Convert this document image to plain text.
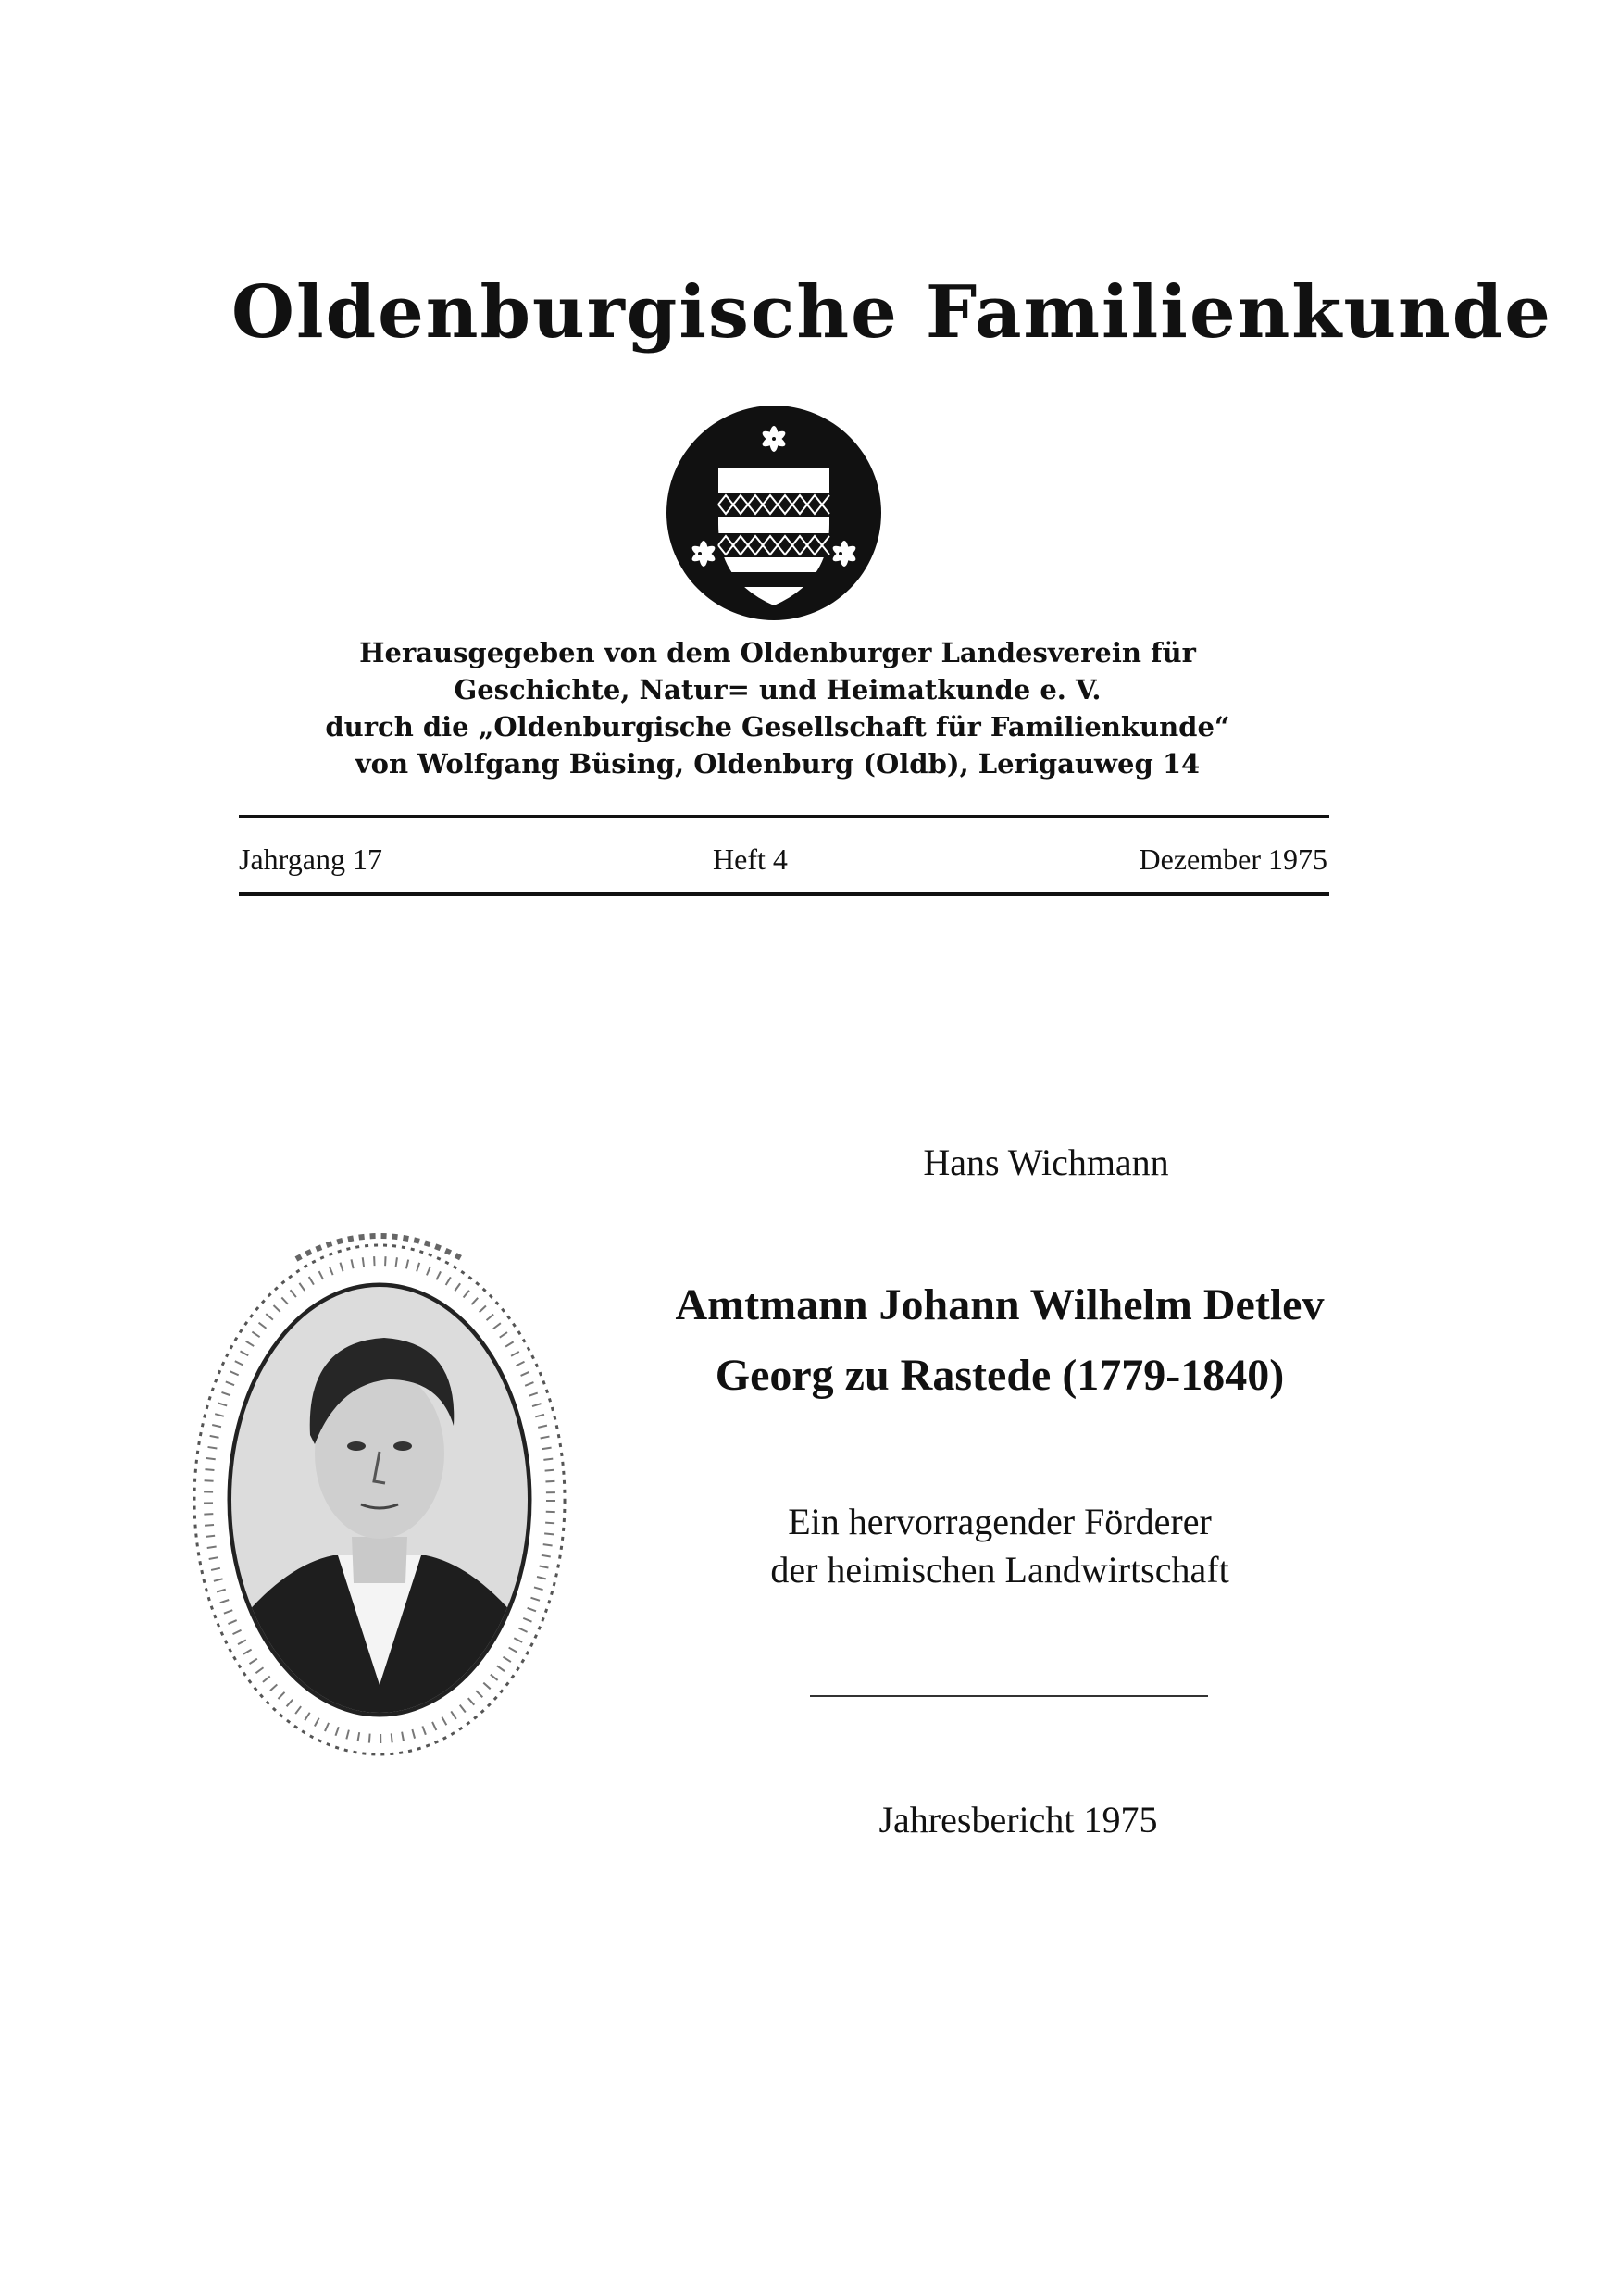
Oldenburgische Familienkunde
Herausgegeben von dem Oldenburger Landesverein für
Geschichte, Natur= und Heimatkunde e. V.
durch die „Oldenburgische Gesellschaft für Familienkunde“
von Wolfgang Büsing, Oldenburg (Oldb), Lerigauweg 14
Jahrgang 17	Heft 4	Dezember 1975
Hans Wichmann
Amtmann Johann Wilhelm Detlev
Georg zu Rastede (1779-1840)
Ein hervorragender Förderer
der heimischen Landwirtschaft
Jahresbericht 1975
